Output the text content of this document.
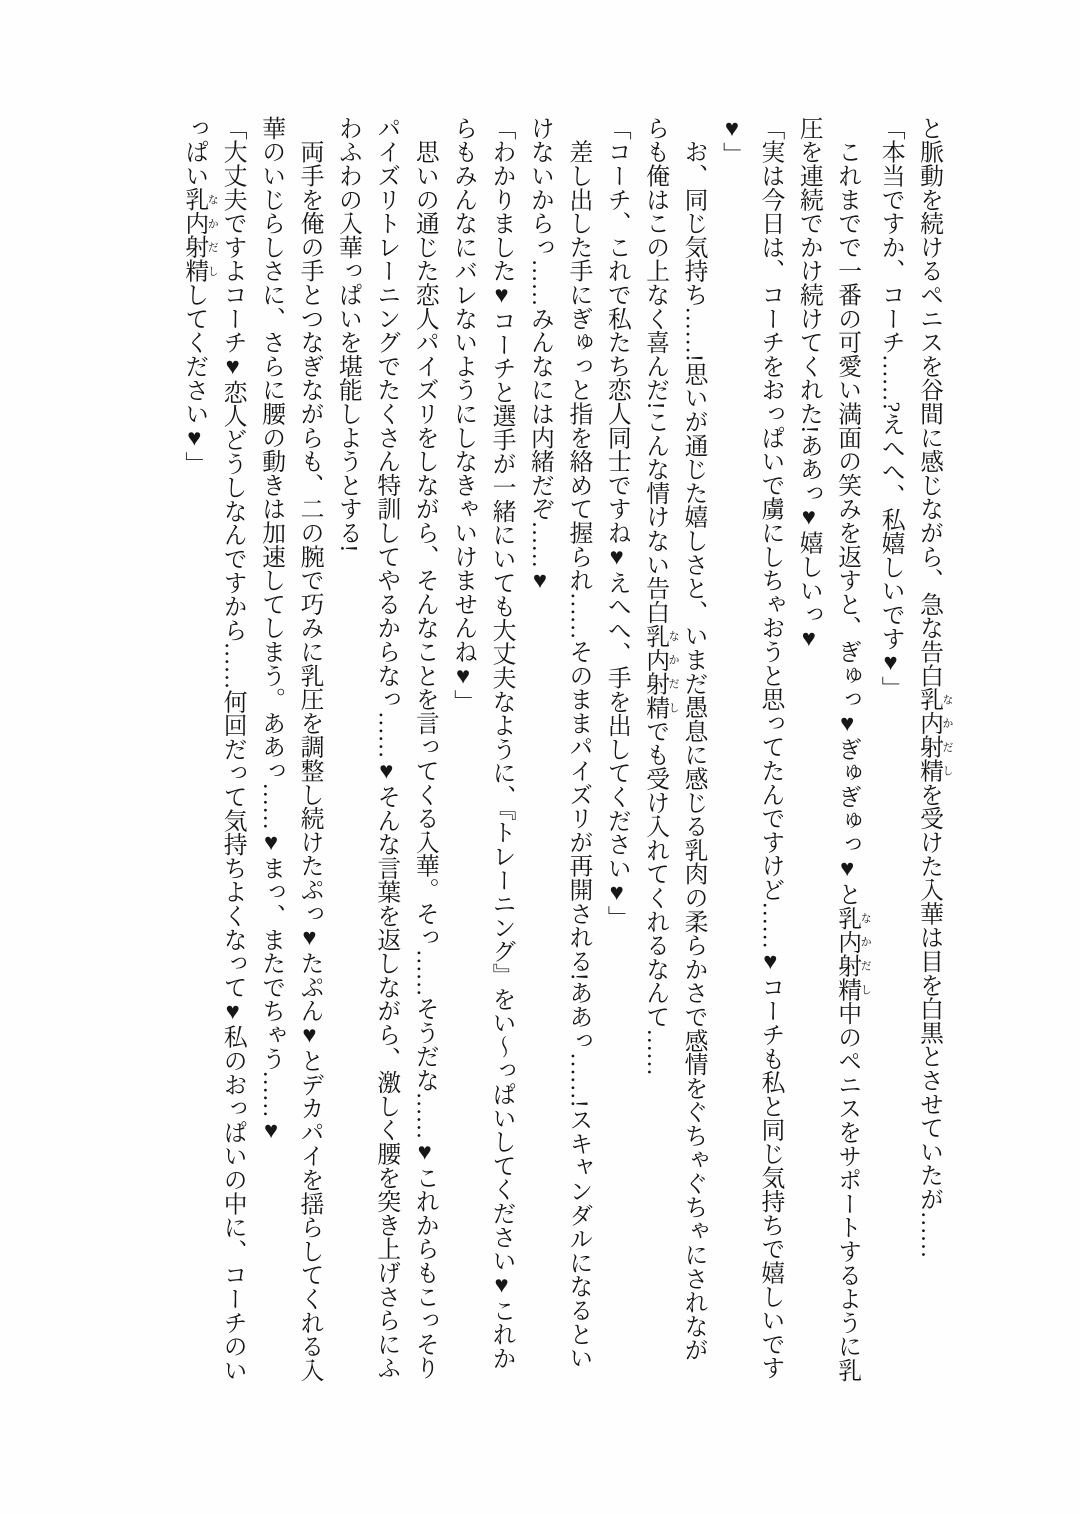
と脈動を続けるペニスを谷間に感じながら、急な告白乳 な内 か射 だ精 しを受けた入華は目を白黒とさせていたが……

「本当ですか、コーチ……?えへへ、私嬉しいです♥」

　これまでで一番の可愛い満面の笑みを返すと、ぎゅっ♥ぎゅぎゅっ♥と乳 な内 か射 だ精 し中のペニスをサポートするように乳圧を連続でかけ続けてくれた!ああっ♥嬉しいっ♥

「実は今日は、コーチをおっぱいで虜にしちゃおうと思ってたんですけど……♥コーチも私と同じ気持ちで嬉しいです♥」

　お、同じ気持ち……!思いが通じた嬉しさと、いまだ愚息に感じる乳肉の柔らかさで感情をぐちゃぐちゃにされながらも俺はこの上なく喜んだ!こんな情けない告白乳 な内 か射 だ精 しでも受け入れてくれるなんて……

「コーチ、これで私たち恋人同士ですね♥えへへ、手を出してください♥」

　差し出した手にぎゅっと指を絡めて握られ……そのままパイズリが再開される!ああっ……!スキャンダルになるといけないからっ……みんなには内緒だぞ……♥

「わかりました♥コーチと選手が一緒にいても大丈夫なように、『トレーニング』をい〜っぱいしてください♥これからもみんなにバレないようにしなきゃいけませんね♥」

　思いの通じた恋人パイズリをしながら、そんなことを言ってくる入華。そっ……そうだな……♥これからもこっそりパイズリトレーニングでたくさん特訓してやるからなっ……♥そんな言葉を返しながら、激しく腰を突き上げさらにふわふわの入華っぱいを堪能しようとする!

　両手を俺の手とつなぎながらも、二の腕で巧みに乳圧を調整し続けたぷっ♥たぷん♥とデカパイを揺らしてくれる入華のいじらしさに、さらに腰の動きは加速してしまう。ああっ……♥まっ、またでちゃう……♥

「大丈夫ですよコーチ♥恋人どうしなんですから……何回だって気持ちよくなって♥私のおっぱいの中に、コーチのいっぱい乳 な内 か射 だ精 ししてください♥」
